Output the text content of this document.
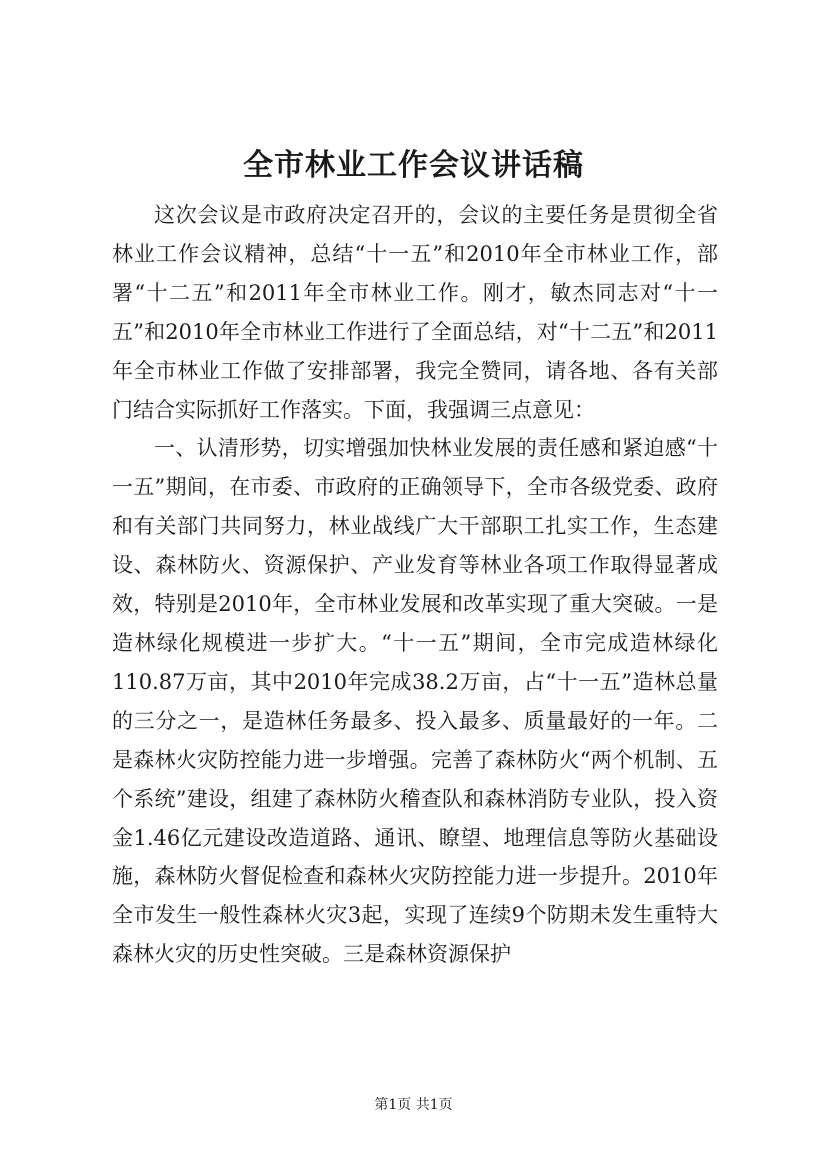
全市林业工作会议讲话稿

这次会议是市政府决定召开的，会议的主要任务是贯彻全省林业工作会议精神，总结“十一五”和2010年全市林业工作，部署“十二五”和2011年全市林业工作。刚才，敏杰同志对“十一五”和2010年全市林业工作进行了全面总结，对“十二五”和2011年全市林业工作做了安排部署，我完全赞同，请各地、各有关部门结合实际抓好工作落实。下面，我强调三点意见：

一、认清形势，切实增强加快林业发展的责任感和紧迫感“十一五”期间，在市委、市政府的正确领导下，全市各级党委、政府和有关部门共同努力，林业战线广大干部职工扎实工作，生态建设、森林防火、资源保护、产业发育等林业各项工作取得显著成效，特别是2010年，全市林业发展和改革实现了重大突破。一是造林绿化规模进一步扩大。“十一五”期间，全市完成造林绿化110.87万亩，其中2010年完成38.2万亩，占“十一五”造林总量的三分之一，是造林任务最多、投入最多、质量最好的一年。二是森林火灾防控能力进一步增强。完善了森林防火“两个机制、五个系统”建设，组建了森林防火稽查队和森林消防专业队，投入资金1.46亿元建设改造道路、通讯、瞭望、地理信息等防火基础设施，森林防火督促检查和森林火灾防控能力进一步提升。2010年全市发生一般性森林火灾3起，实现了连续9个防期未发生重特大森林火灾的历史性突破。三是森林资源保护

第1页 共1页
